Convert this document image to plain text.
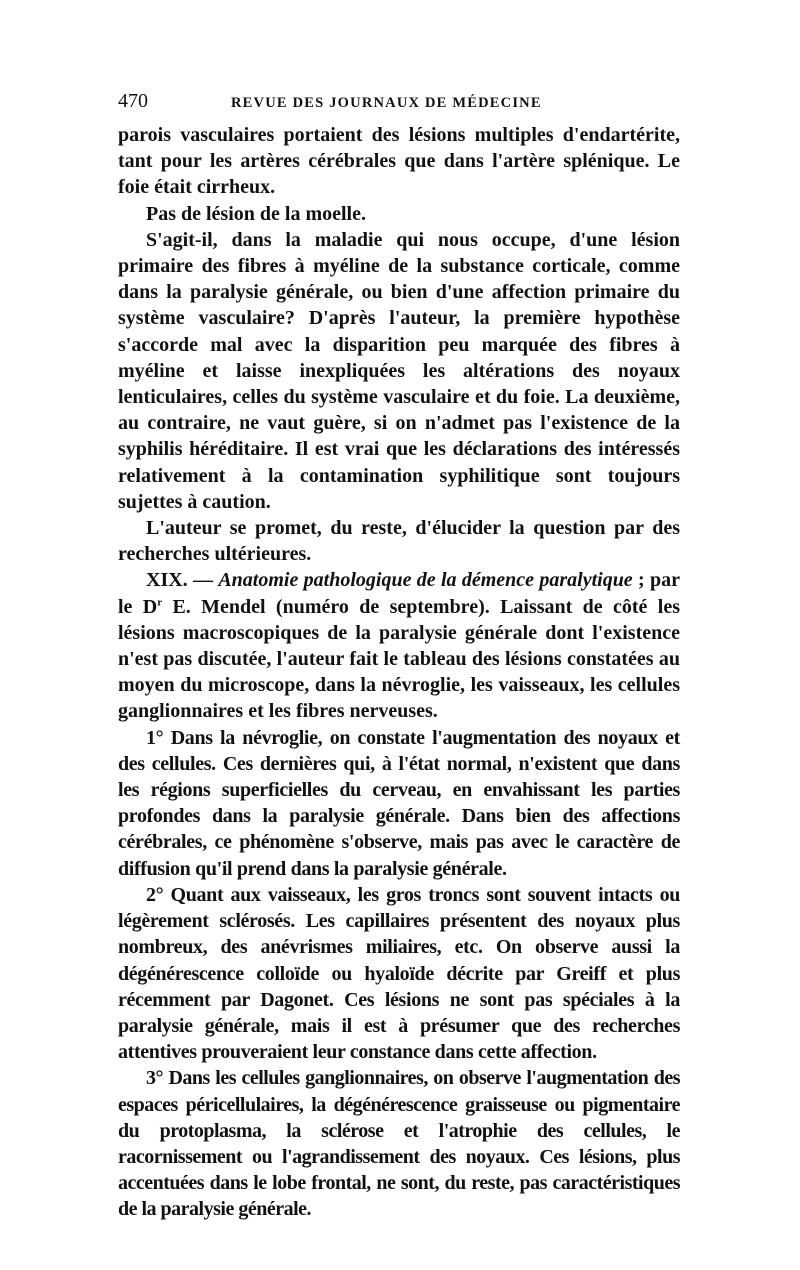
470	REVUE DES JOURNAUX DE MÉDECINE

parois vasculaires portaient des lésions multiples d'endartérite, tant pour les artères cérébrales que dans l'artère splénique. Le foie était cirrheux.

Pas de lésion de la moelle.

S'agit-il, dans la maladie qui nous occupe, d'une lésion primaire des fibres à myéline de la substance corticale, comme dans la paralysie générale, ou bien d'une affection primaire du système vasculaire? D'après l'auteur, la première hypothèse s'accorde mal avec la disparition peu marquée des fibres à myéline et laisse inexpliquées les altérations des noyaux lenticulaires, celles du système vasculaire et du foie. La deuxième, au contraire, ne vaut guère, si on n'admet pas l'existence de la syphilis héréditaire. Il est vrai que les déclarations des intéressés relativement à la contamination syphilitique sont toujours sujettes à caution.

L'auteur se promet, du reste, d'élucider la question par des recherches ultérieures.

XIX. — Anatomie pathologique de la démence paralytique ; par le $D^r$ E. Mendel (numéro de septembre). Laissant de côté les lésions macroscopiques de la paralysie générale dont l'existence n'est pas discutée, l'auteur fait le tableau des lésions constatées au moyen du microscope, dans la névroglie, les vaisseaux, les cellules ganglionnaires et les fibres nerveuses.

1° Dans la névroglie, on constate l'augmentation des noyaux et des cellules. Ces dernières qui, à l'état normal, n'existent que dans les régions superficielles du cerveau, en envahissant les parties profondes dans la paralysie générale. Dans bien des affections cérébrales, ce phénomène s'observe, mais pas avec le caractère de diffusion qu'il prend dans la paralysie générale.

2° Quant aux vaisseaux, les gros troncs sont souvent intacts ou légèrement sclérosés. Les capillaires présentent des noyaux plus nombreux, des anévrismes miliaires, etc. On observe aussi la dégénérescence colloïde ou hyaloïde décrite par Greiff et plus récemment par Dagonet. Ces lésions ne sont pas spéciales à la paralysie générale, mais il est à présumer que des recherches attentives prouveraient leur constance dans cette affection.

3° Dans les cellules ganglionnaires, on observe l'augmentation des espaces péricellulaires, la dégénérescence graisseuse ou pigmentaire du protoplasma, la sclérose et l'atrophie des cellules, le racornissement ou l'agrandissement des noyaux. Ces lésions, plus accentuées dans le lobe frontal, ne sont, du reste, pas caractéristiques de la paralysie générale.
